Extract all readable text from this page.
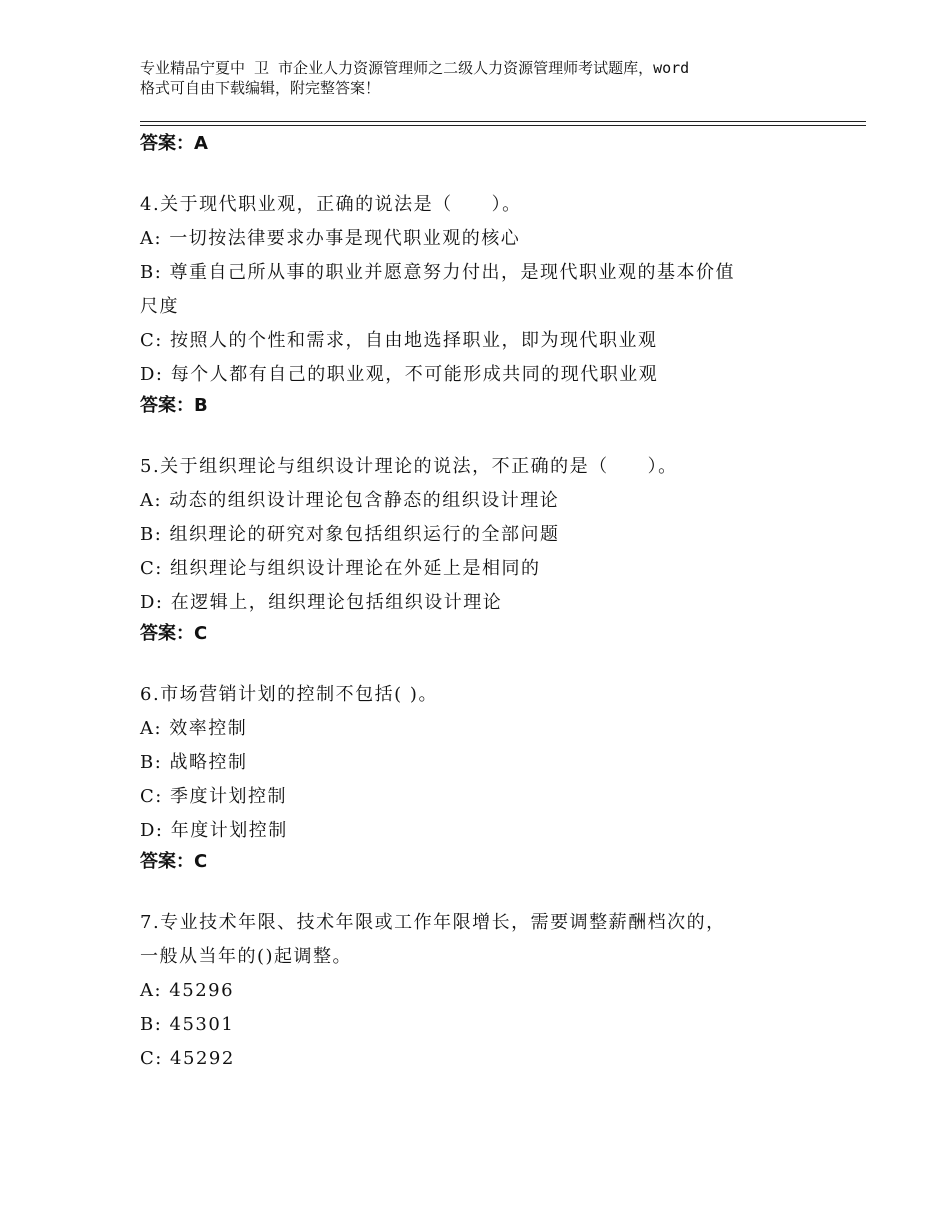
专业精品宁夏中 卫 市企业人力资源管理师之二级人力资源管理师考试题库，word
格式可自由下载编辑，附完整答案！

答案：A

4.关于现代职业观，正确的说法是（　　）。

A: 一切按法律要求办事是现代职业观的核心

B: 尊重自己所从事的职业并愿意努力付出，是现代职业观的基本价值

尺度

C: 按照人的个性和需求，自由地选择职业，即为现代职业观

D: 每个人都有自己的职业观，不可能形成共同的现代职业观

答案：B

5.关于组织理论与组织设计理论的说法，不正确的是（　　）。

A: 动态的组织设计理论包含静态的组织设计理论

B: 组织理论的研究对象包括组织运行的全部问题

C: 组织理论与组织设计理论在外延上是相同的

D: 在逻辑上，组织理论包括组织设计理论

答案：C

6.市场营销计划的控制不包括( )。

A: 效率控制

B: 战略控制

C: 季度计划控制

D: 年度计划控制

答案：C

7.专业技术年限、技术年限或工作年限增长，需要调整薪酬档次的，

一般从当年的()起调整。

A: 45296

B: 45301

C: 45292
